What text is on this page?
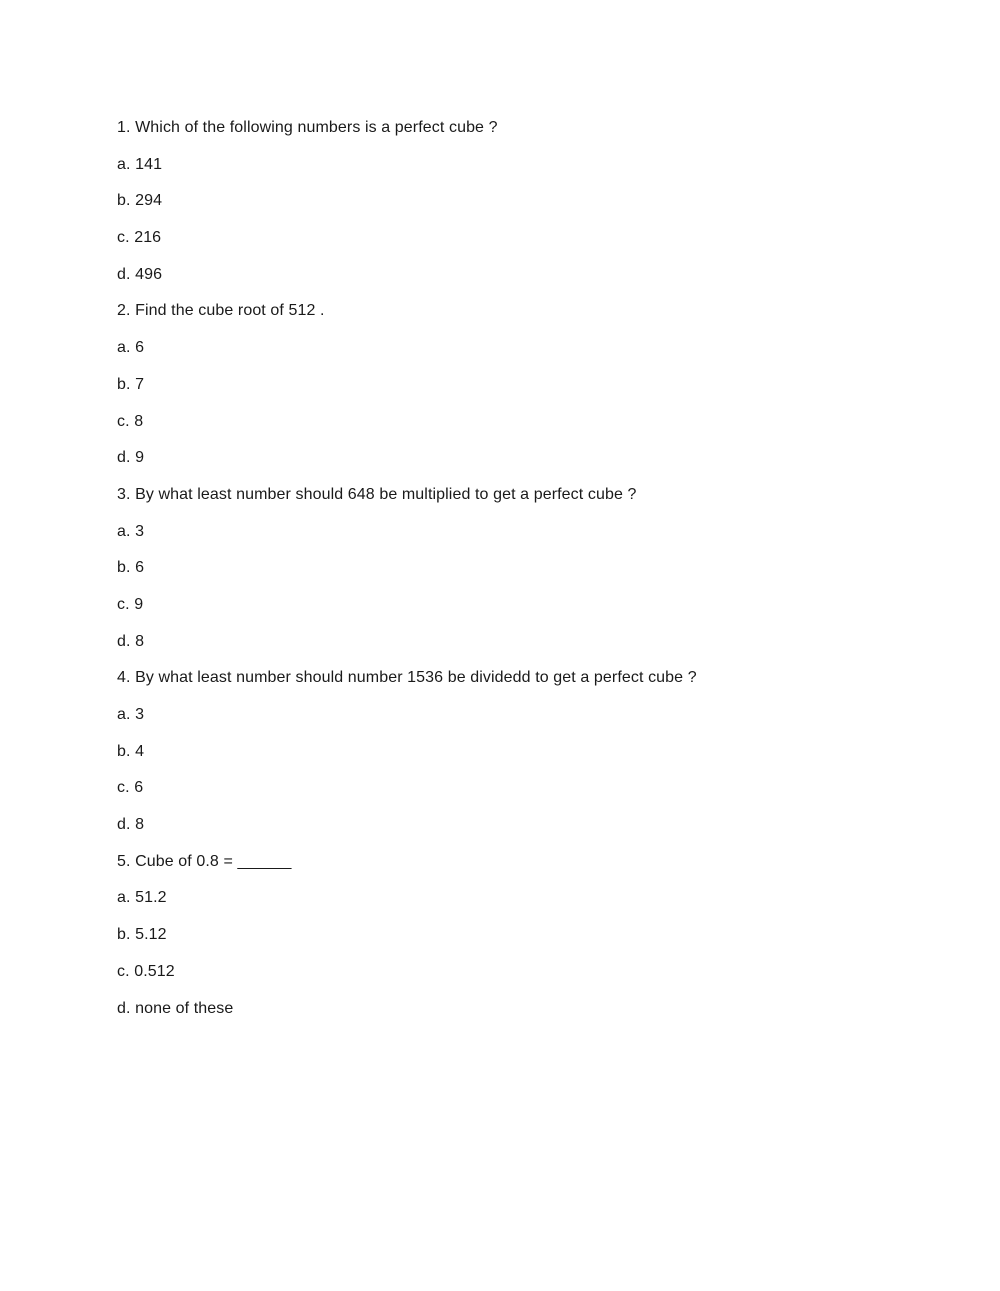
1. Which of the following numbers is a perfect cube ?
a. 141
b. 294
c. 216
d. 496
2. Find the cube root of 512 .
a. 6
b. 7
c. 8
d. 9
3. By what least number should 648 be multiplied to get a perfect cube ?
a. 3
b. 6
c. 9
d. 8
4. By what least number should number 1536 be dividedd to get a perfect cube ?
a. 3
b. 4
c. 6
d. 8
5. Cube of 0.8 = ______
a. 51.2
b. 5.12
c. 0.512
d. none of these
